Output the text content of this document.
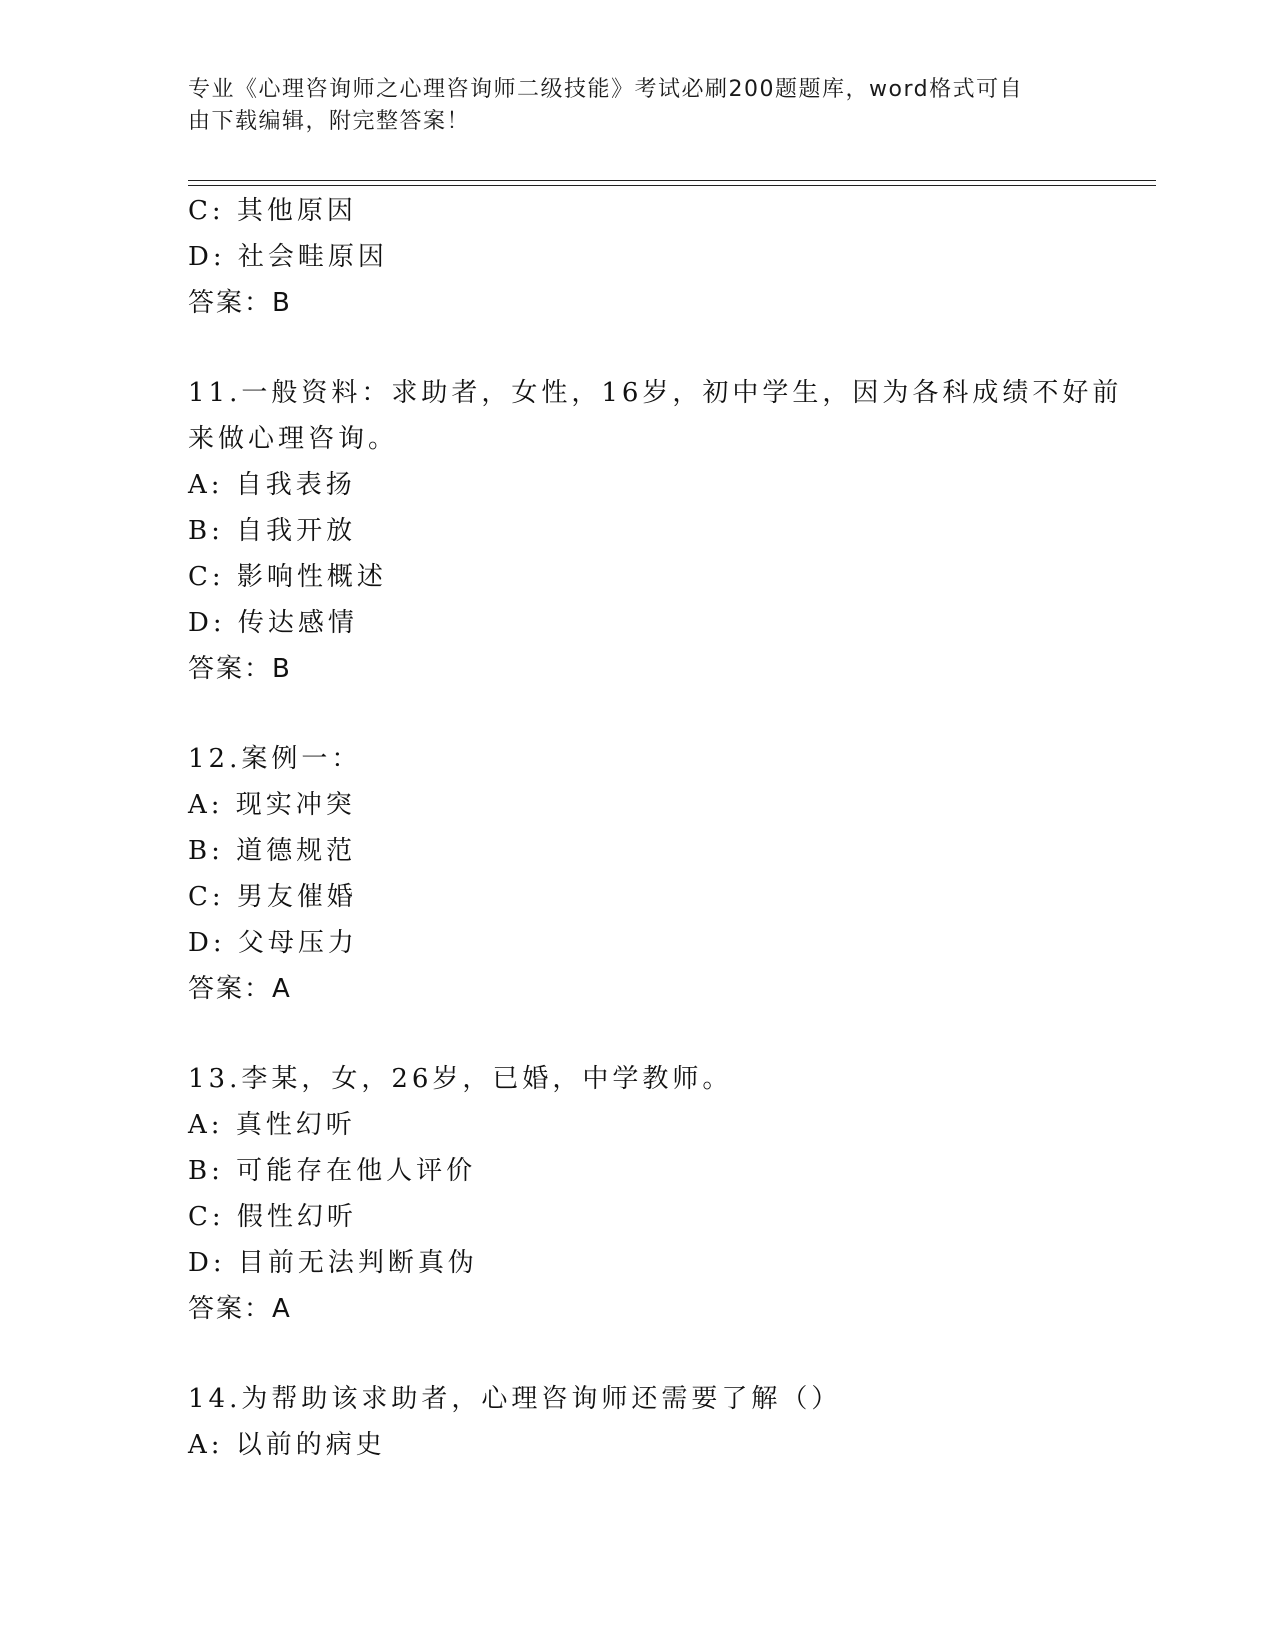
专业《心理咨询师之心理咨询师二级技能》考试必刷200题题库，word格式可自
由下载编辑，附完整答案！
C: 其他原因
D: 社会畦原因
答案：B
11.一般资料：求助者，女性，16岁，初中学生，因为各科成绩不好前
来做心理咨询。
A: 自我表扬
B: 自我开放
C: 影响性概述
D: 传达感情
答案：B
12.案例一：
A: 现实冲突
B: 道德规范
C: 男友催婚
D: 父母压力
答案：A
13.李某，女，26岁，已婚，中学教师。
A: 真性幻听
B: 可能存在他人评价
C: 假性幻听
D: 目前无法判断真伪
答案：A
14.为帮助该求助者，心理咨询师还需要了解（）
A: 以前的病史
